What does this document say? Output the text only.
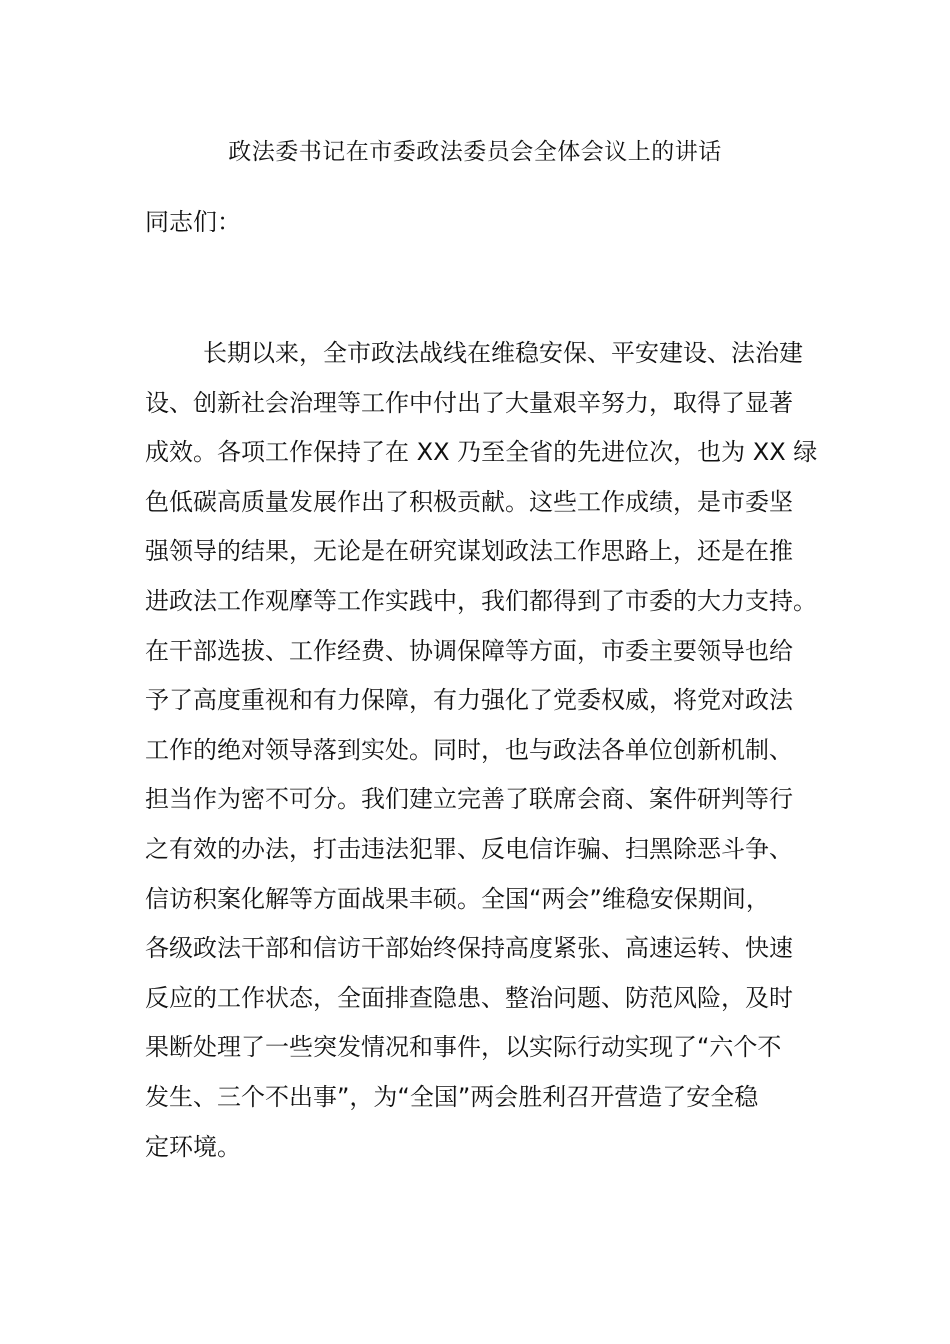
政法委书记在市委政法委员会全体会议上的讲话
同志们：
长期以来，全市政法战线在维稳安保、平安建设、法治建
设、创新社会治理等工作中付出了大量艰辛努力，取得了显著
成效。各项工作保持了在 XX 乃至全省的先进位次，也为 XX 绿
色低碳高质量发展作出了积极贡献。这些工作成绩，是市委坚
强领导的结果，无论是在研究谋划政法工作思路上，还是在推
进政法工作观摩等工作实践中，我们都得到了市委的大力支持。
在干部选拔、工作经费、协调保障等方面，市委主要领导也给
予了高度重视和有力保障，有力强化了党委权威，将党对政法
工作的绝对领导落到实处。同时，也与政法各单位创新机制、
担当作为密不可分。我们建立完善了联席会商、案件研判等行
之有效的办法，打击违法犯罪、反电信诈骗、扫黑除恶斗争、
信访积案化解等方面战果丰硕。全国“两会”维稳安保期间，
各级政法干部和信访干部始终保持高度紧张、高速运转、快速
反应的工作状态，全面排查隐患、整治问题、防范风险，及时
果断处理了一些突发情况和事件，以实际行动实现了“六个不
发生、三个不出事”，为“全国”两会胜利召开营造了安全稳
定环境。
